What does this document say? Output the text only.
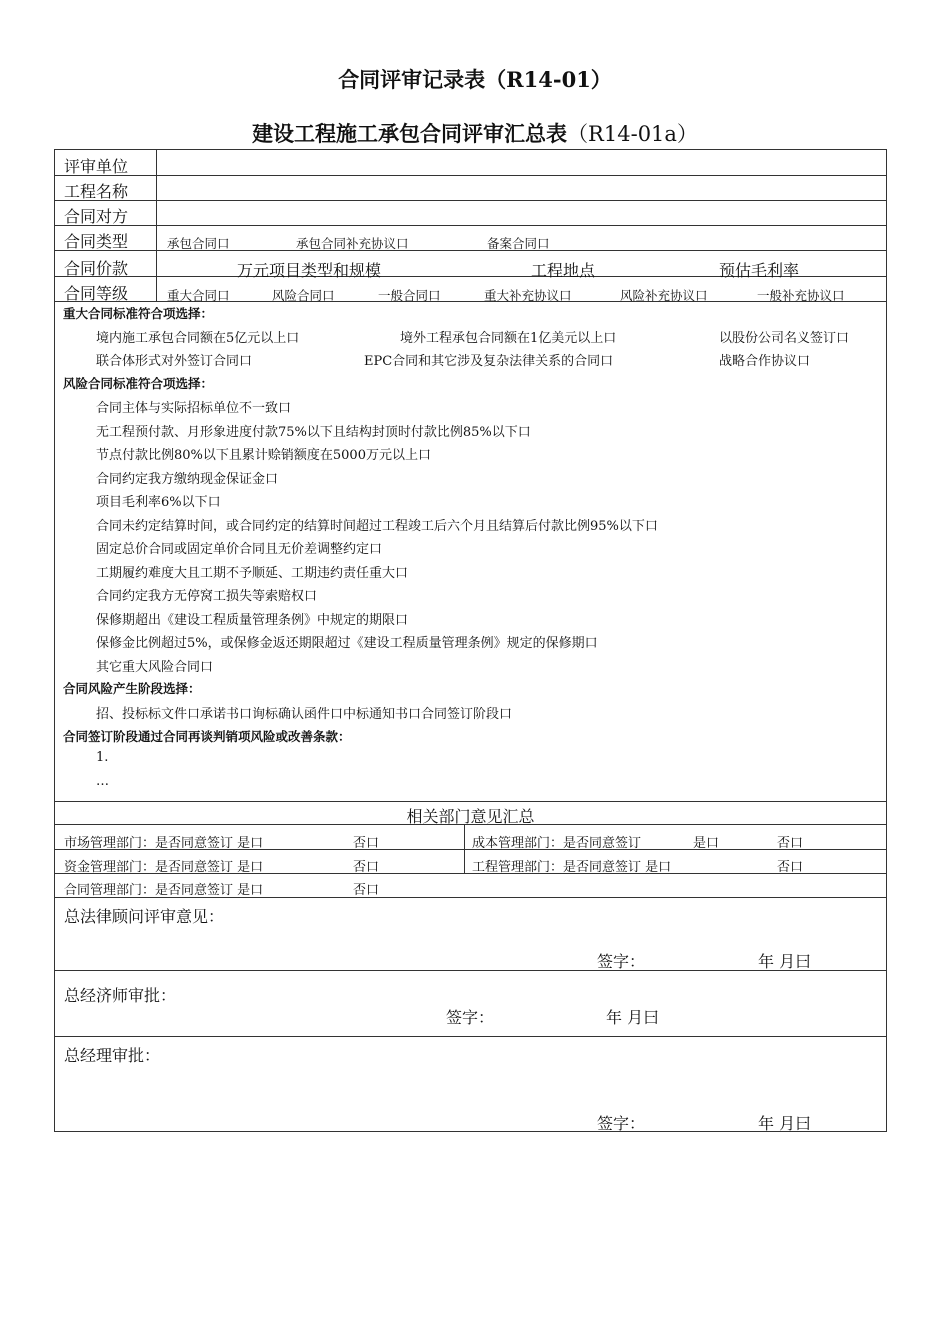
合同评审记录表（R14-01）
建设工程施工承包合同评审汇总表（R14-01a）
评审单位
工程名称
合同对方
合同类型	承包合同口	承包合同补充协议口	备案合同口
合同价款	万元项目类型和规模	工程地点	预估毛利率
合同等级	重大合同口	风险合同口	一般合同口	重大补充协议口	风险补充协议口	一般补充协议口
重大合同标准符合项选择：
境内施工承包合同额在5亿元以上口	境外工程承包合同额在1亿美元以上口	以股份公司名义签订口
联合体形式对外签订合同口	EPC合同和其它涉及复杂法律关系的合同口	战略合作协议口
风险合同标准符合项选择：
合同主体与实际招标单位不一致口
无工程预付款、月形象进度付款75%以下且结构封顶时付款比例85%以下口
节点付款比例80%以下且累计赊销额度在5000万元以上口
合同约定我方缴纳现金保证金口
项目毛利率6%以下口
合同未约定结算时间，或合同约定的结算时间超过工程竣工后六个月且结算后付款比例95%以下口
固定总价合同或固定单价合同且无价差调整约定口
工期履约难度大且工期不予顺延、工期违约责任重大口
合同约定我方无停窝工损失等索赔权口
保修期超出《建设工程质量管理条例》中规定的期限口
保修金比例超过5%，或保修金返还期限超过《建设工程质量管理条例》规定的保修期口
其它重大风险合同口
合同风险产生阶段选择：
招、投标标文件口承诺书口询标确认函件口中标通知书口合同签订阶段口
合同签订阶段通过合同再谈判销项风险或改善条款：
1.
…
相关部门意见汇总
市场管理部门：是否同意签订 是口	否口	成本管理部门：是否同意签订	是口	否口
资金管理部门：是否同意签订 是口	否口	工程管理部门：是否同意签订 是口	否口
合同管理部门：是否同意签订 是口	否口
总法律顾问评审意见：
签字：	年 月曰
总经济师审批：
签字：	年 月曰
总经理审批：
签字：	年 月曰
